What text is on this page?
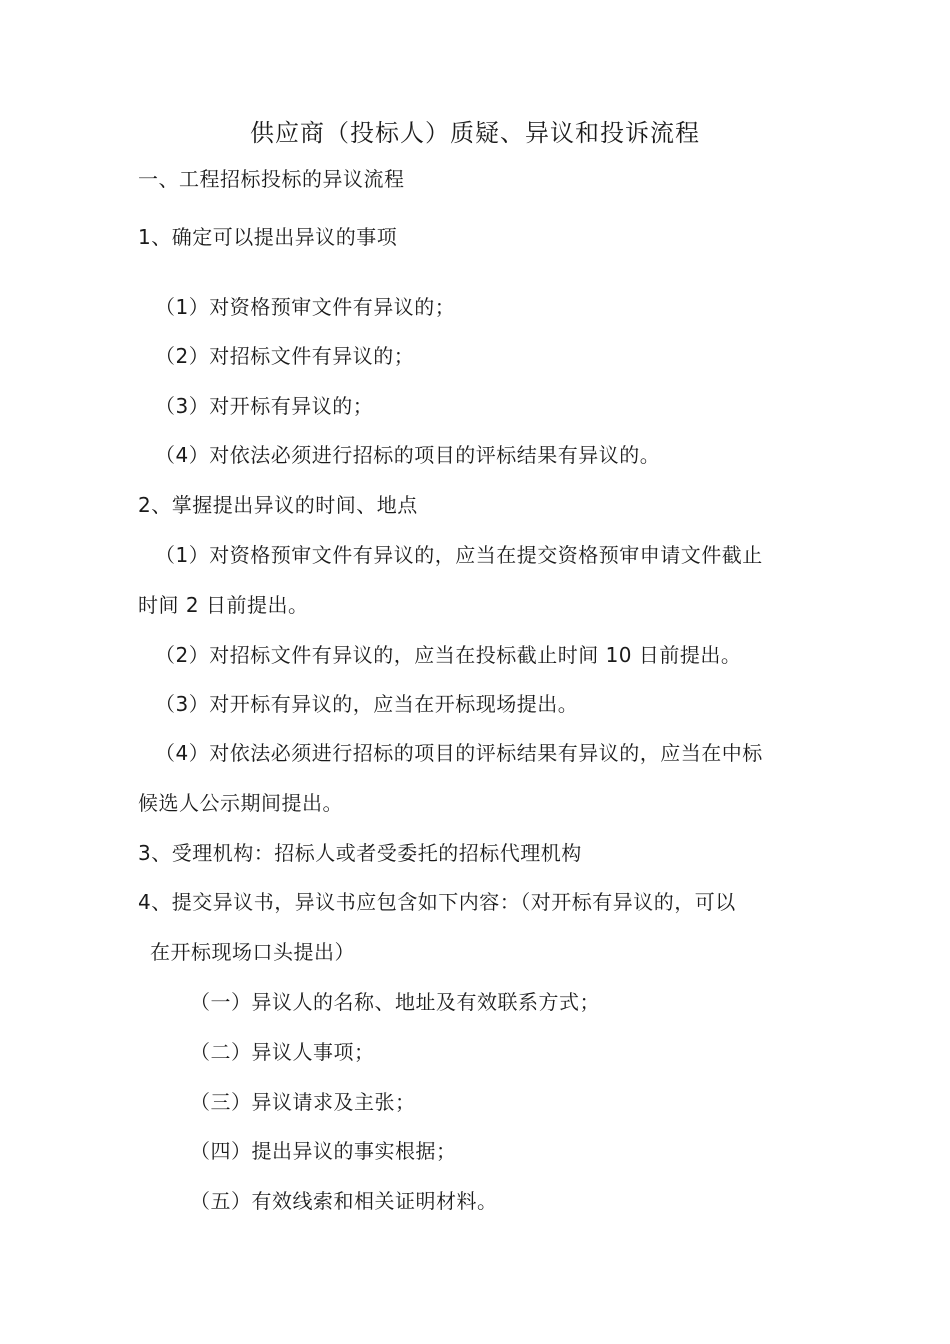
供应商（投标人）质疑、异议和投诉流程
一、工程招标投标的异议流程
1、确定可以提出异议的事项
（1）对资格预审文件有异议的；
（2）对招标文件有异议的；
（3）对开标有异议的；
（4）对依法必须进行招标的项目的评标结果有异议的。
2、掌握提出异议的时间、地点
（1）对资格预审文件有异议的，应当在提交资格预审申请文件截止
时间 2 日前提出。
（2）对招标文件有异议的，应当在投标截止时间 10 日前提出。
（3）对开标有异议的，应当在开标现场提出。
（4）对依法必须进行招标的项目的评标结果有异议的，应当在中标
候选人公示期间提出。
3、受理机构：招标人或者受委托的招标代理机构
4、提交异议书，异议书应包含如下内容：（对开标有异议的，可以
在开标现场口头提出）
（一）异议人的名称、地址及有效联系方式；
（二）异议人事项；
（三）异议请求及主张；
（四）提出异议的事实根据；
（五）有效线索和相关证明材料。
